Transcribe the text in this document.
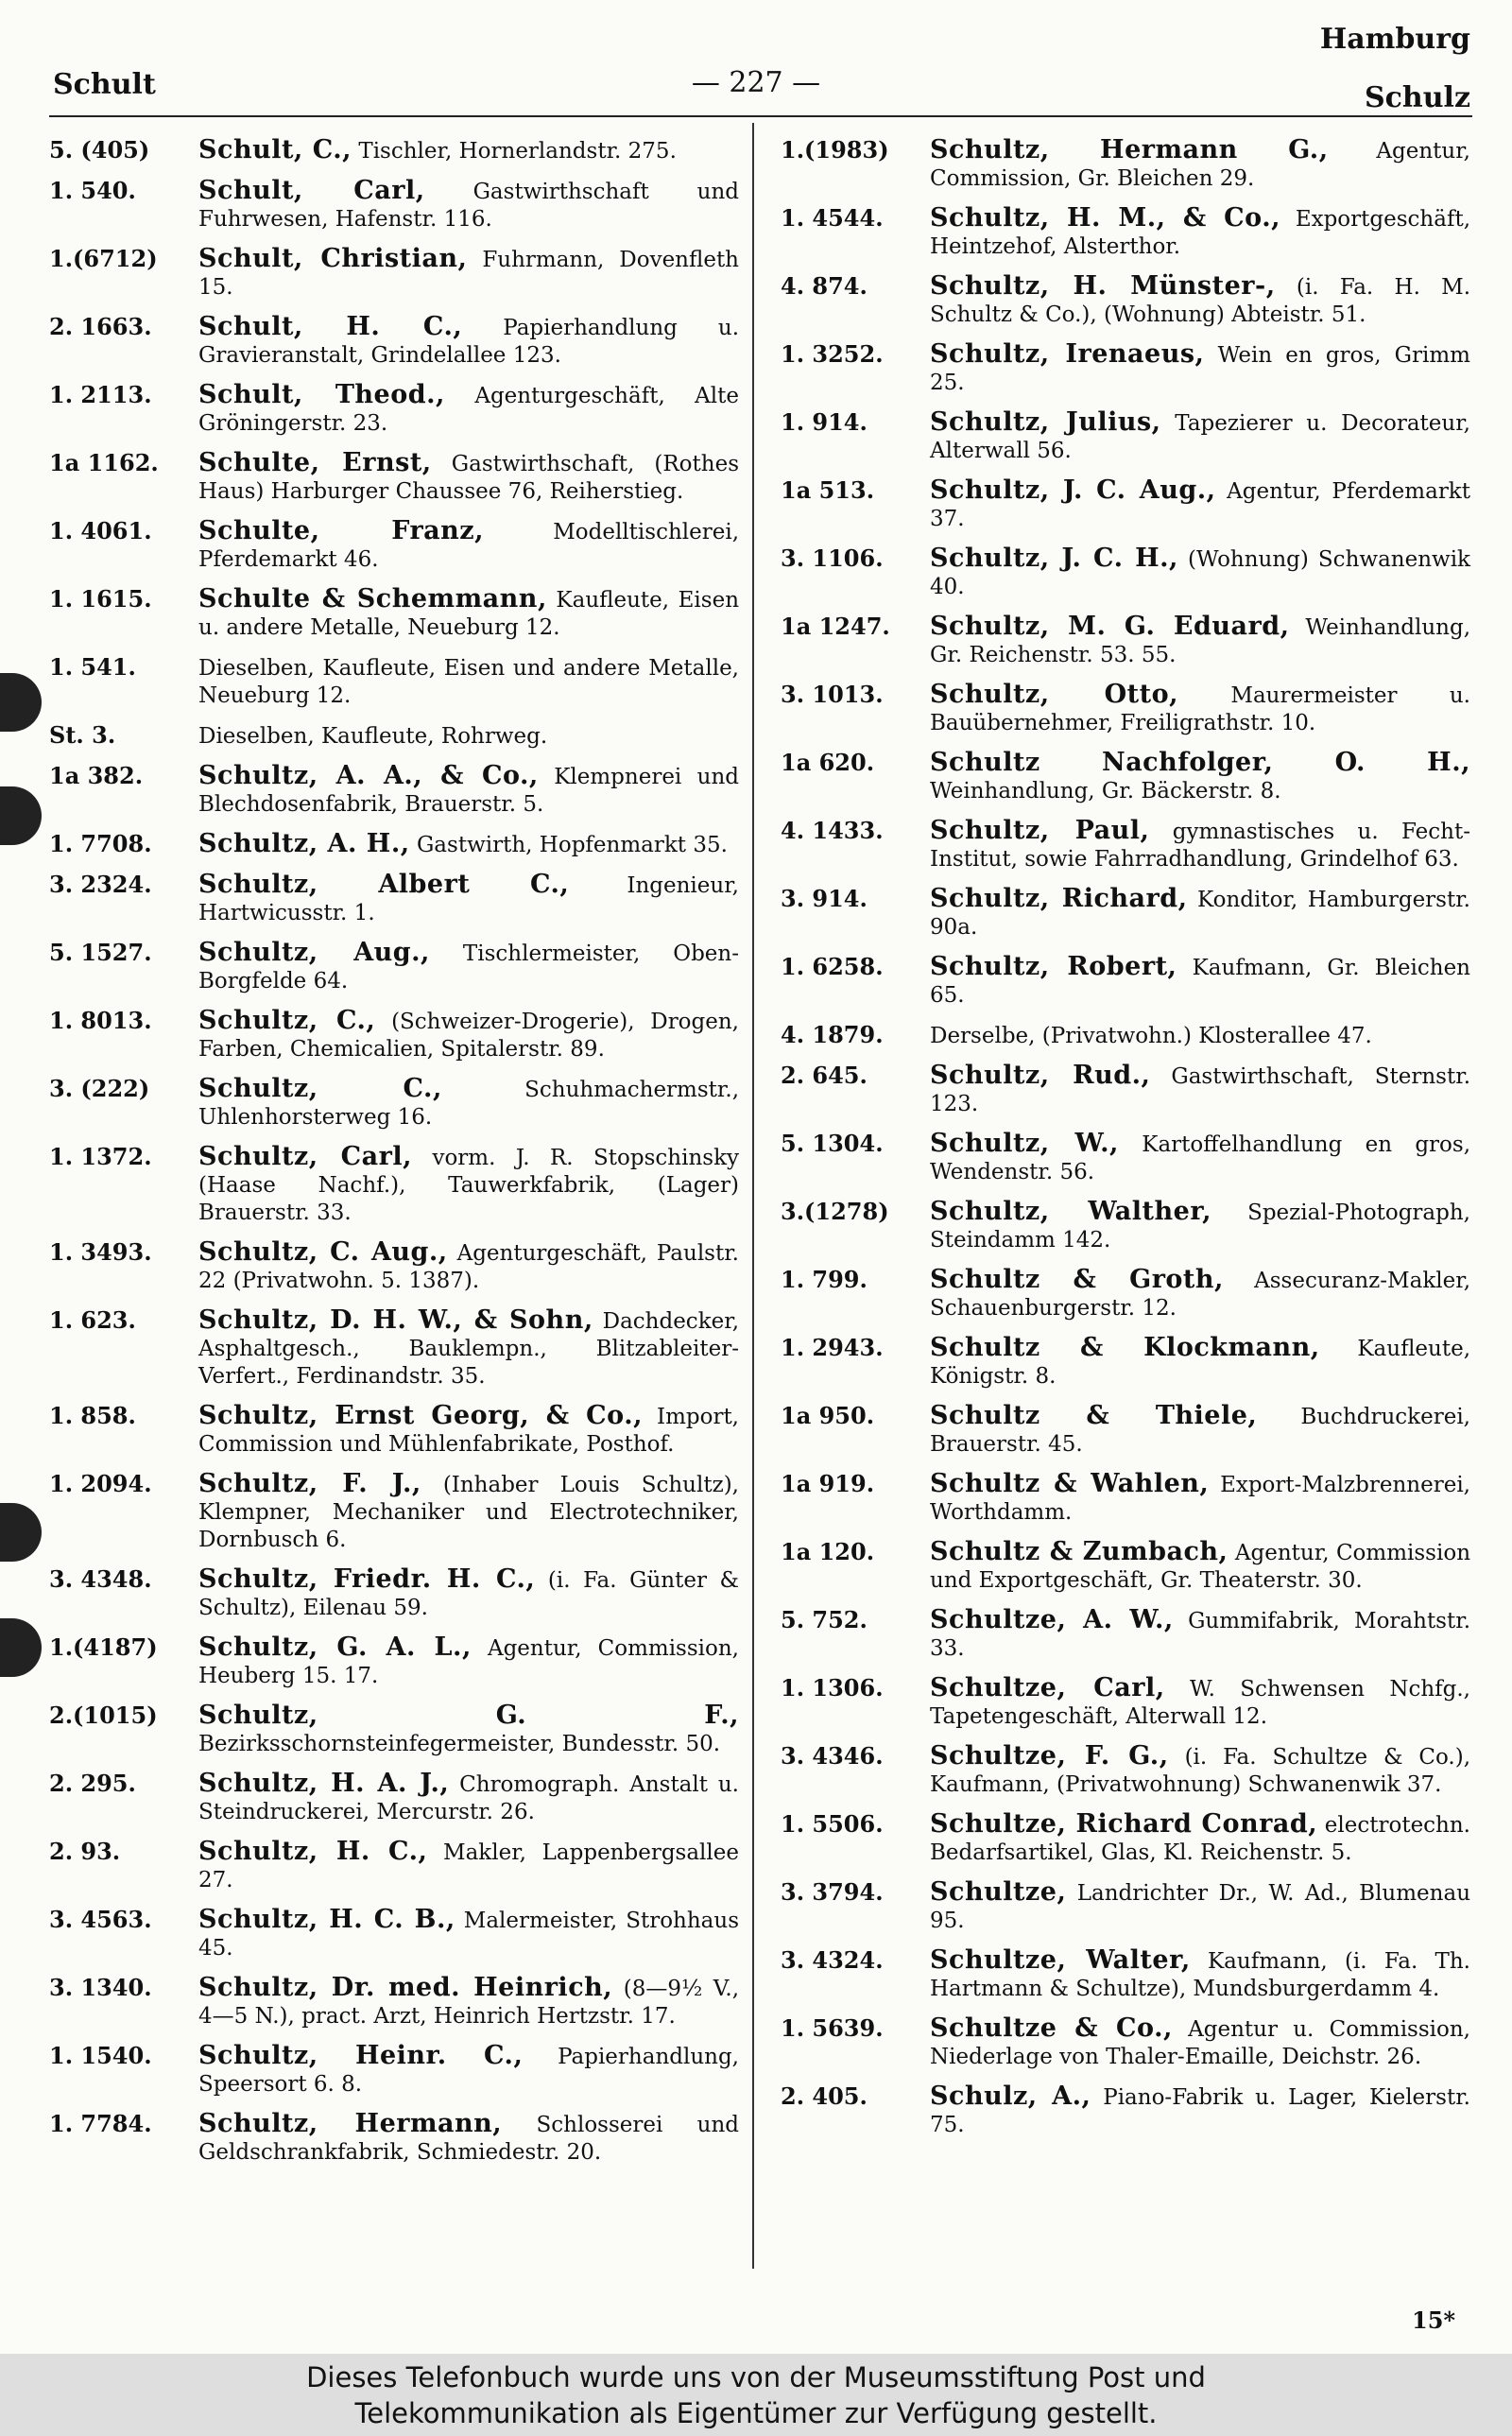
Hamburg
Schult	— 227 —	Schulz
5. (405)	Schult, C., Tischler, Hornerlandstr. 275.
1. 540.	Schult, Carl, Gastwirthschaft und Fuhrwesen, Hafenstr. 116.
1.(6712)	Schult, Christian, Fuhrmann, Dovenfleth 15.
2. 1663.	Schult, H. C., Papierhandlung u. Gravieranstalt, Grindelallee 123.
1. 2113.	Schult, Theod., Agenturgeschäft, Alte Gröningerstr. 23.
1a 1162.	Schulte, Ernst, Gastwirthschaft, (Rothes Haus) Harburger Chaussee 76, Reiherstieg.
1. 4061.	Schulte, Franz,	Modelltischlerei, Pferdemarkt 46.
1. 1615.	Schulte & Schemmann, Kaufleute, Eisen u. andere Metalle, Neueburg 12.
1. 541.	Dieselben, Kaufleute, Eisen und andere Metalle, Neueburg 12.
St. 3.	Dieselben, Kaufleute, Rohrweg.
1a 382.	Schultz, A. A., & Co., Klempnerei und Blechdosenfabrik, Brauerstr. 5.
1. 7708.	Schultz, A. H., Gastwirth, Hopfenmarkt 35.
3. 2324.	Schultz, Albert C.,	Ingenieur, Hartwicusstr. 1.
5. 1527.	Schultz, Aug., Tischlermeister, Oben-Borgfelde 64.
1. 8013.	Schultz, C., (Schweizer-Drogerie), Drogen, Farben, Chemicalien, Spitalerstr. 89.
3. (222)	Schultz, C.,	Schuhmachermstr., Uhlenhorsterweg 16.
1. 1372.	Schultz, Carl, vorm. J. R. Stopschinsky (Haase Nachf.), Tauwerkfabrik, (Lager) Brauerstr. 33.
1. 3493.	Schultz, C. Aug., Agenturgeschäft, Paulstr. 22 (Privatwohn. 5. 1387).
1. 623.	Schultz, D. H. W., & Sohn, Dachdecker, Asphaltgesch., Bauklempn., Blitzableiter-Verfert., Ferdinandstr. 35.
1. 858.	Schultz, Ernst Georg, & Co., Import, Commission und Mühlenfabrikate, Posthof.
1. 2094.	Schultz, F. J., (Inhaber Louis Schultz), Klempner, Mechaniker und Electrotechniker, Dornbusch 6.
3. 4348.	Schultz, Friedr. H. C., (i. Fa. Günter & Schultz), Eilenau 59.
1.(4187)	Schultz, G. A. L., Agentur, Commission, Heuberg 15. 17.
2.(1015)	Schultz, G. F., Bezirksschornsteinfegermeister, Bundesstr. 50.
2. 295.	Schultz, H. A. J., Chromograph. Anstalt u. Steindruckerei, Mercurstr. 26.
2. 93.	Schultz, H. C., Makler, Lappenbergsallee 27.
3. 4563.	Schultz, H. C. B., Malermeister, Strohhaus 45.
3. 1340.	Schultz, Dr. med. Heinrich, (8—9½ V., 4—5 N.), pract. Arzt, Heinrich Hertzstr. 17.
1. 1540.	Schultz, Heinr. C., Papierhandlung, Speersort 6. 8.
1. 7784.	Schultz, Hermann, Schlosserei und Geldschrankfabrik, Schmiedestr. 20.
1.(1983)	Schultz, Hermann G., Agentur, Commission, Gr. Bleichen 29.
1. 4544.	Schultz, H. M., & Co., Exportgeschäft, Heintzehof, Alsterthor.
4. 874.	Schultz, H. Münster-, (i. Fa. H. M. Schultz & Co.), (Wohnung) Abteistr. 51.
1. 3252.	Schultz, Irenaeus, Wein en gros, Grimm 25.
1. 914.	Schultz, Julius, Tapezierer u. Decorateur, Alterwall 56.
1a 513.	Schultz, J. C. Aug., Agentur, Pferdemarkt 37.
3. 1106.	Schultz, J. C. H., (Wohnung) Schwanenwik 40.
1a 1247.	Schultz, M. G. Eduard, Weinhandlung, Gr. Reichenstr. 53. 55.
3. 1013.	Schultz, Otto, Maurermeister u. Bauübernehmer, Freiligrathstr. 10.
1a 620.	Schultz Nachfolger, O. H., Weinhandlung, Gr. Bäckerstr. 8.
4. 1433.	Schultz, Paul, gymnastisches u. Fecht-Institut, sowie Fahrradhandlung, Grindelhof 63.
3. 914.	Schultz, Richard, Konditor, Hamburgerstr. 90a.
1. 6258.	Schultz, Robert, Kaufmann, Gr. Bleichen 65.
4. 1879.	Derselbe, (Privatwohn.) Klosterallee 47.
2. 645.	Schultz, Rud., Gastwirthschaft, Sternstr. 123.
5. 1304.	Schultz, W., Kartoffelhandlung en gros, Wendenstr. 56.
3.(1278)	Schultz, Walther, Spezial-Photograph, Steindamm 142.
1. 799.	Schultz & Groth, Assecuranz-Makler, Schauenburgerstr. 12.
1. 2943.	Schultz & Klockmann, Kaufleute, Königstr. 8.
1a 950.	Schultz & Thiele, Buchdruckerei, Brauerstr. 45.
1a 919.	Schultz & Wahlen, Export-Malzbrennerei, Worthdamm.
1a 120.	Schultz & Zumbach, Agentur, Commission und Exportgeschäft, Gr. Theaterstr. 30.
5. 752.	Schultze, A. W., Gummifabrik, Morahtstr. 33.
1. 1306.	Schultze, Carl, W. Schwensen Nchfg., Tapetengeschäft, Alterwall 12.
3. 4346.	Schultze, F. G., (i. Fa. Schultze & Co.), Kaufmann, (Privatwohnung) Schwanenwik 37.
1. 5506.	Schultze, Richard Conrad, electrotechn. Bedarfsartikel, Glas, Kl. Reichenstr. 5.
3. 3794.	Schultze, Landrichter Dr., W. Ad., Blumenau 95.
3. 4324.	Schultze, Walter, Kaufmann, (i. Fa. Th. Hartmann & Schultze), Mundsburgerdamm 4.
1. 5639.	Schultze & Co., Agentur u. Commission, Niederlage von Thaler-Emaille, Deichstr. 26.
2. 405.	Schulz, A., Piano-Fabrik u. Lager, Kielerstr. 75.
15*
Dieses Telefonbuch wurde uns von der Museumsstiftung Post und
Telekommunikation als Eigentümer zur Verfügung gestellt.
